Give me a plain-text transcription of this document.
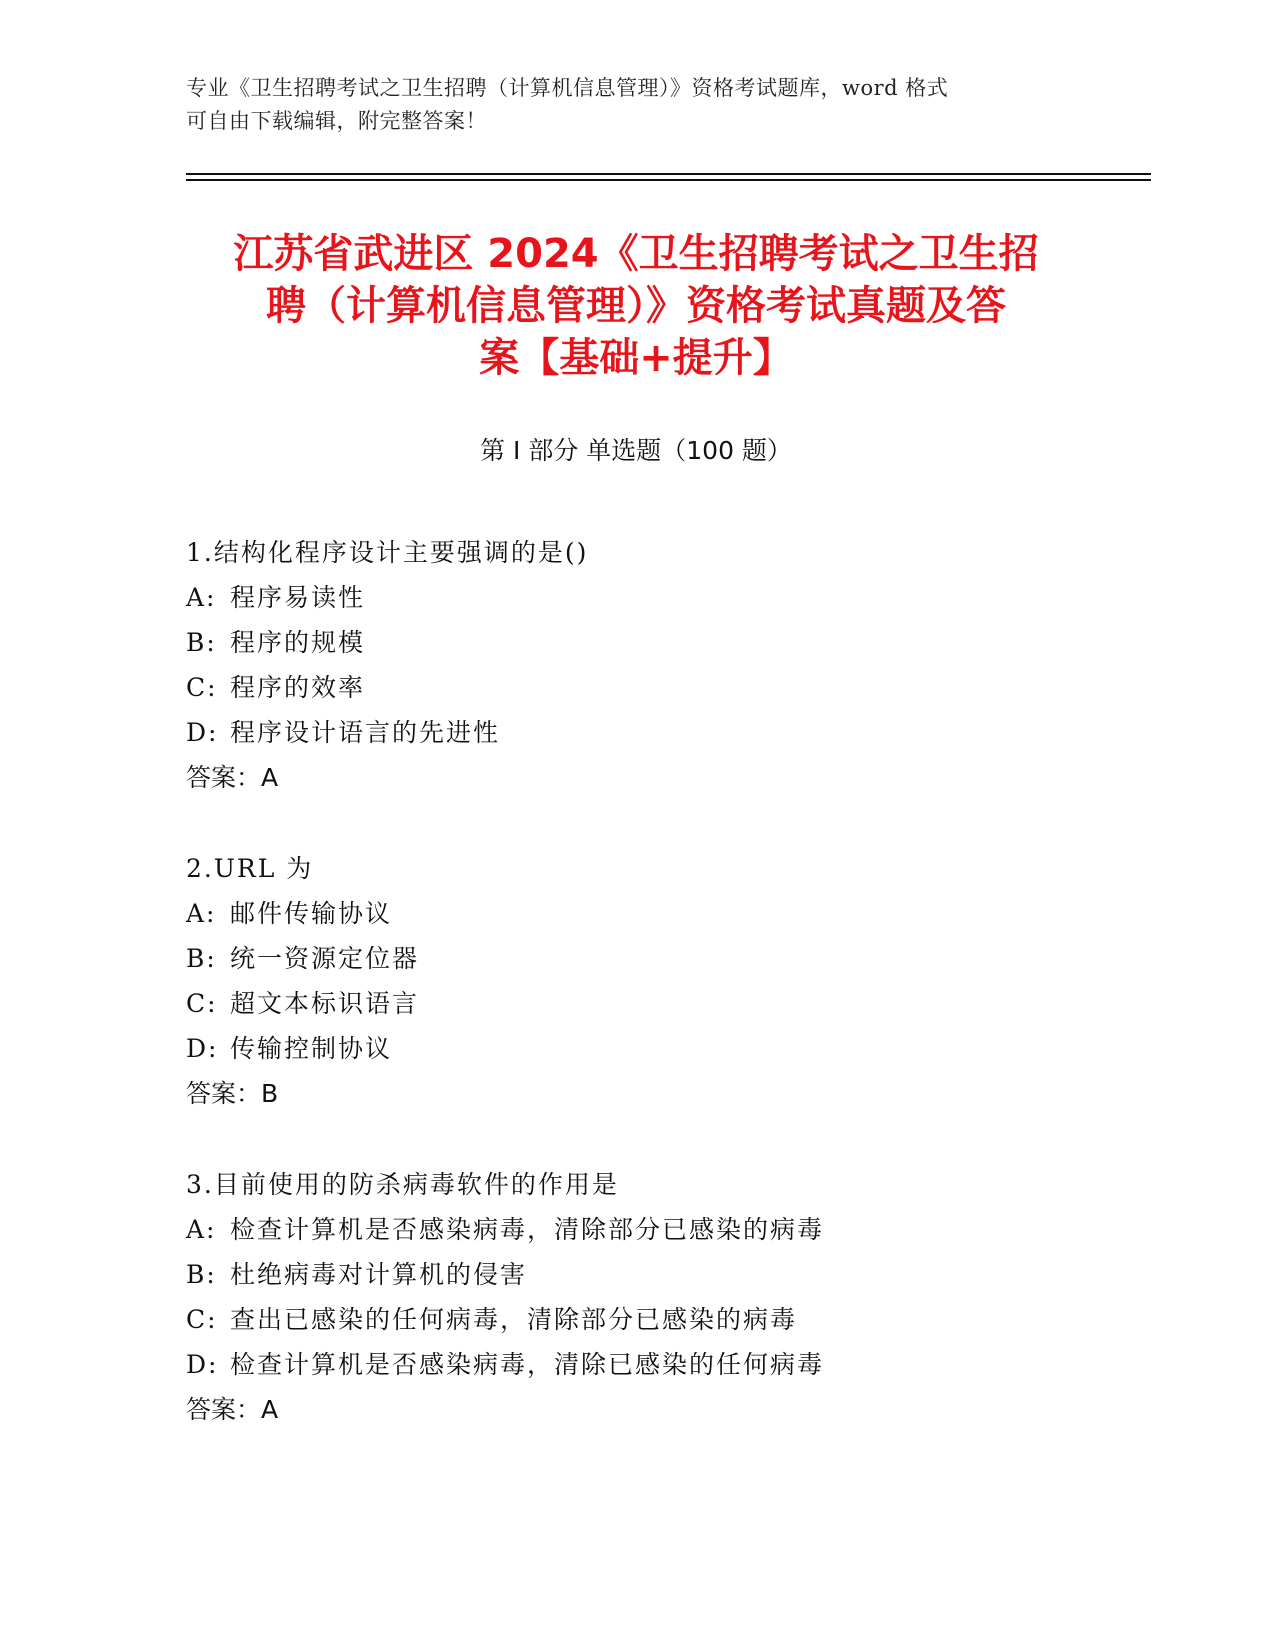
专业《卫生招聘考试之卫生招聘（计算机信息管理）》资格考试题库，word 格式
可自由下载编辑，附完整答案！
江苏省武进区 2024《卫生招聘考试之卫生招
聘（计算机信息管理）》资格考试真题及答
案【基础+提升】
第 I 部分 单选题（100 题）
1.结构化程序设计主要强调的是()
A: 程序易读性
B: 程序的规模
C: 程序的效率
D: 程序设计语言的先进性
答案：A
2.URL 为
A: 邮件传输协议
B: 统一资源定位器
C: 超文本标识语言
D: 传输控制协议
答案：B
3.目前使用的防杀病毒软件的作用是
A: 检查计算机是否感染病毒，清除部分已感染的病毒
B: 杜绝病毒对计算机的侵害
C: 查出已感染的任何病毒，清除部分已感染的病毒
D: 检查计算机是否感染病毒，清除已感染的任何病毒
答案：A
